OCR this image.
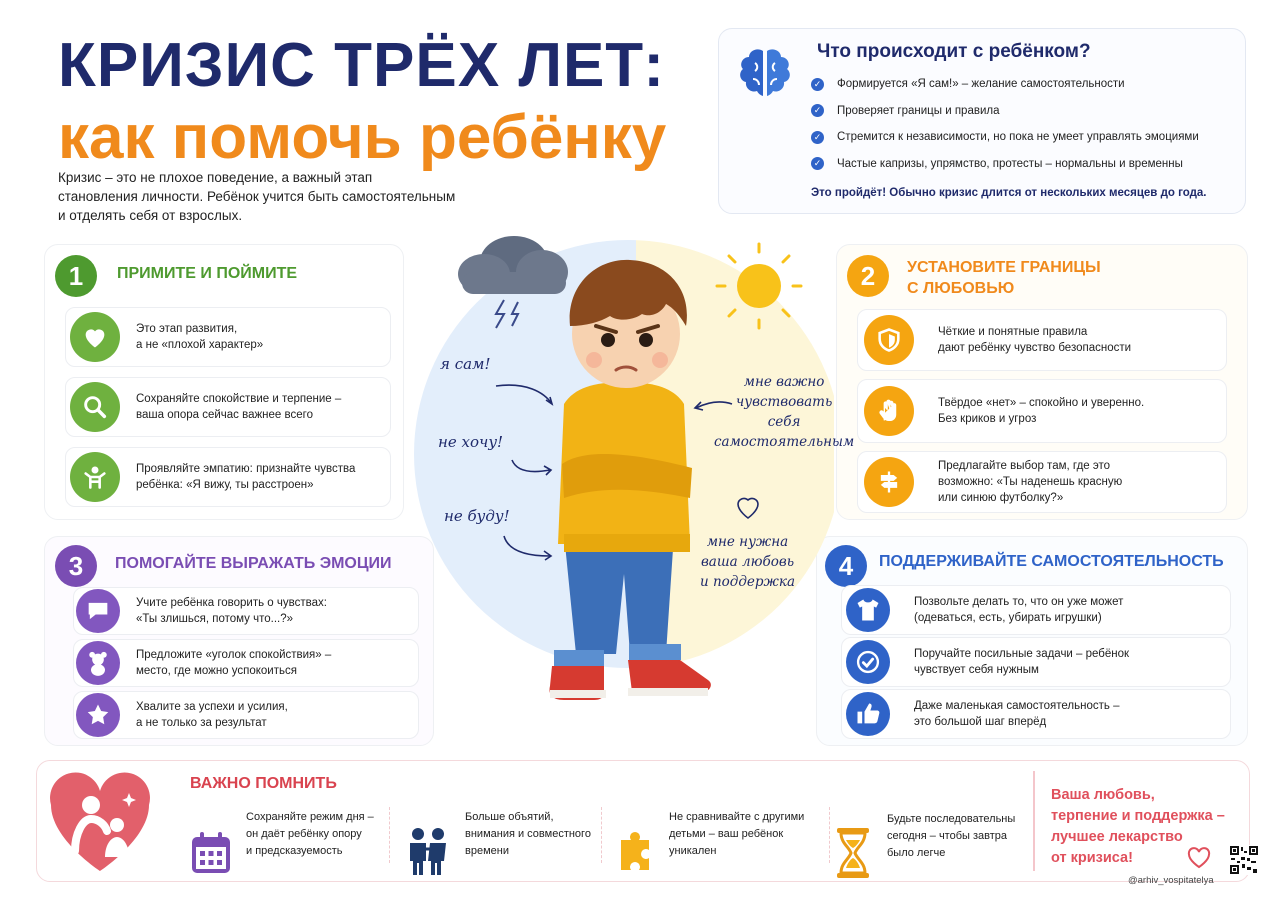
КРИЗИС ТРЁХ ЛЕТ:
как помочь ребёнку
Кризис – это не плохое поведение, а важный этап
становления личности. Ребёнок учится быть самостоятельным
и отделять себя от взрослых.
Что происходит с ребёнком?
✓ Формируется «Я сам!» – желание самостоятельности
✓ Проверяет границы и правила
✓ Стремится к независимости, но пока не умеет управлять эмоциями
✓ Частые капризы, упрямство, протесты – нормальны и временны
Это пройдёт! Обычно кризис длится от нескольких месяцев до года.
1	ПРИМИТЕ И ПОЙМИТЕ
Это этап развития,
а не «плохой характер»
Сохраняйте спокойствие и терпение –
ваша опора сейчас важнее всего
Проявляйте эмпатию: признайте чувства
ребёнка: «Я вижу, ты расстроен»
3	ПОМОГАЙТЕ ВЫРАЖАТЬ ЭМОЦИИ
Учите ребёнка говорить о чувствах:
«Ты злишься, потому что...?»
Предложите «уголок спокойствия» –
место, где можно успокоиться
Хвалите за успехи и усилия,
а не только за результат
2	УСТАНОВИТЕ ГРАНИЦЫ
С ЛЮБОВЬЮ
Чёткие и понятные правила
дают ребёнку чувство безопасности
Твёрдое «нет» – спокойно и уверенно.
Без криков и угроз
Предлагайте выбор там, где это
возможно: «Ты наденешь красную
или синюю футболку?»
4	ПОДДЕРЖИВАЙТЕ САМОСТОЯТЕЛЬНОСТЬ
Позвольте делать то, что он уже может
(одеваться, есть, убирать игрушки)
Поручайте посильные задачи – ребёнок
чувствует себя нужным
Даже маленькая самостоятельность –
это большой шаг вперёд
я сам!
не хочу!
не буду!
мне важно
чувствовать
себя
самостоятельным
мне нужна
ваша любовь
и поддержка
ВАЖНО ПОМНИТЬ

Сохраняйте режим дня –
он даёт ребёнку опору
и предсказуемость

Больше объятий,
внимания и совместного
времени

Не сравнивайте с другими
детьми – ваш ребёнок
уникален

Будьте последовательны
сегодня – чтобы завтра
было легче
Ваша любовь,
терпение и поддержка –
лучшее лекарство
от кризиса!
@arhiv_vospitatelya
